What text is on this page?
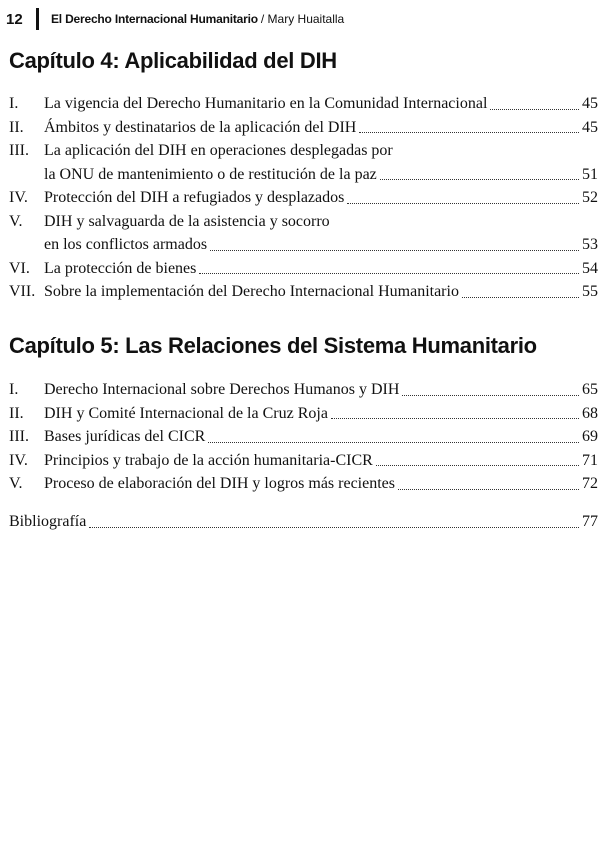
12	El Derecho Internacional Humanitario / Mary Huaitalla
Capítulo 4: Aplicabilidad del DIH
I.	La vigencia del Derecho Humanitario en la Comunidad Internacional	45
II.	Ámbitos y destinatarios de la aplicación del DIH	45
III. La aplicación del DIH en operaciones desplegadas por
la ONU de mantenimiento o de restitución de la paz	51
IV.	Protección del DIH a refugiados y desplazados	52
V.	DIH y salvaguarda de la asistencia y socorro
en los conflictos armados	53
VI. La protección de bienes	54
VII. Sobre la implementación del Derecho Internacional Humanitario	55
Capítulo 5: Las Relaciones del Sistema Humanitario
I.	Derecho Internacional sobre Derechos Humanos y DIH	65
II.	DIH y Comité Internacional de la Cruz Roja	68
III. Bases jurídicas del CICR	69
IV.	Principios y trabajo de la acción humanitaria-CICR	71
V.	Proceso de elaboración del DIH y logros más recientes	72
Bibliografía	77
